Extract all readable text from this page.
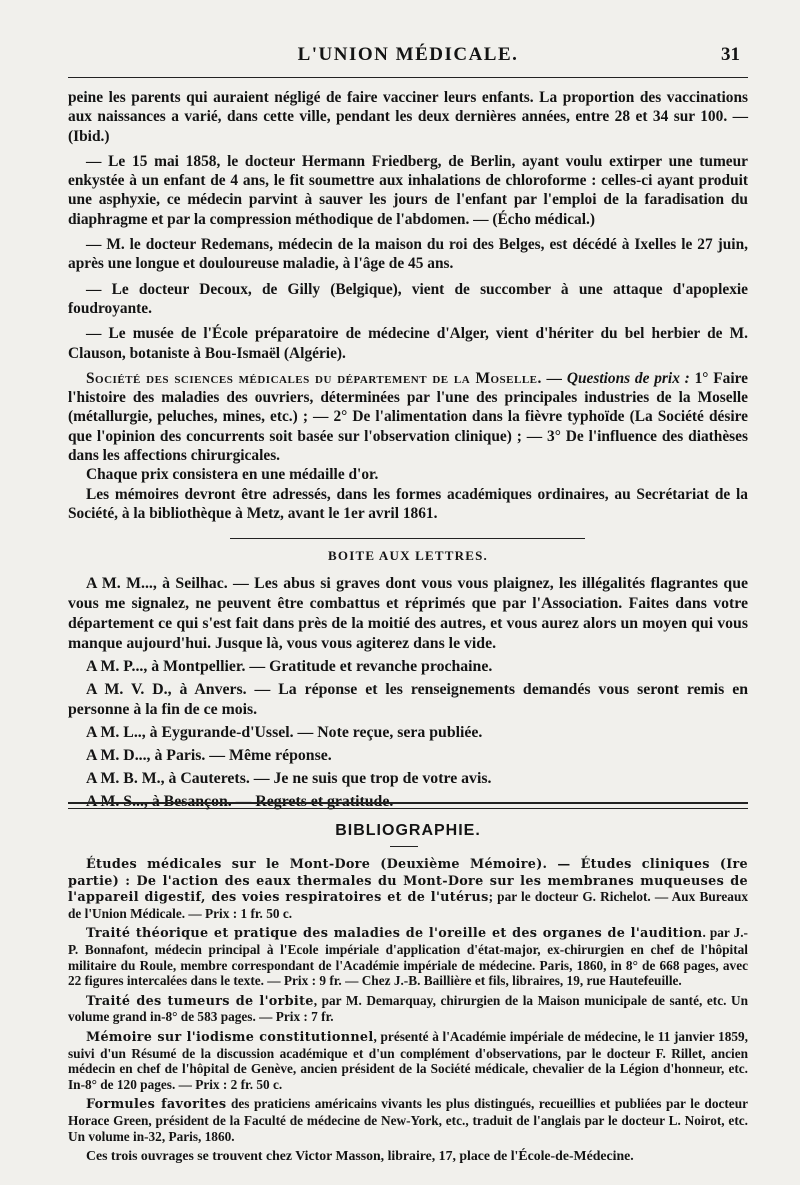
L'UNION MÉDICALE.	31

peine les parents qui auraient négligé de faire vacciner leurs enfants. La proportion des vaccinations aux naissances a varié, dans cette ville, pendant les deux dernières années, entre 28 et 34 sur 100. — (Ibid.)

— Le 15 mai 1858, le docteur Hermann Friedberg, de Berlin, ayant voulu extirper une tumeur enkystée à un enfant de 4 ans, le fit soumettre aux inhalations de chloroforme : celles-ci ayant produit une asphyxie, ce médecin parvint à sauver les jours de l'enfant par l'emploi de la faradisation du diaphragme et par la compression méthodique de l'abdomen. — (Écho médical.)

— M. le docteur Redemans, médecin de la maison du roi des Belges, est décédé à Ixelles le 27 juin, après une longue et douloureuse maladie, à l'âge de 45 ans.

— Le docteur Decoux, de Gilly (Belgique), vient de succomber à une attaque d'apoplexie foudroyante.

— Le musée de l'École préparatoire de médecine d'Alger, vient d'hériter du bel herbier de M. Clauson, botaniste à Bou-Ismaël (Algérie).

Société des sciences médicales du département de la Moselle. — Questions de prix : 1° Faire l'histoire des maladies des ouvriers, déterminées par l'une des principales industries de la Moselle (métallurgie, peluches, mines, etc.) ; — 2° De l'alimentation dans la fièvre typhoïde (La Société désire que l'opinion des concurrents soit basée sur l'observation clinique) ; — 3° De l'influence des diathèses dans les affections chirurgicales.

Chaque prix consistera en une médaille d'or.

Les mémoires devront être adressés, dans les formes académiques ordinaires, au Secrétariat de la Société, à la bibliothèque à Metz, avant le 1er avril 1861.

BOITE AUX LETTRES.

A M. M..., à Seilhac. — Les abus si graves dont vous vous plaignez, les illégalités flagrantes que vous me signalez, ne peuvent être combattus et réprimés que par l'Association. Faites dans votre département ce qui s'est fait dans près de la moitié des autres, et vous aurez alors un moyen qui vous manque aujourd'hui. Jusque là, vous vous agiterez dans le vide.

A M. P..., à Montpellier. — Gratitude et revanche prochaine.

A M. V. D., à Anvers. — La réponse et les renseignements demandés vous seront remis en personne à la fin de ce mois.

A M. L.., à Eygurande-d'Ussel. — Note reçue, sera publiée.

A M. D..., à Paris. — Même réponse.

A M. B. M., à Cauterets. — Je ne suis que trop de votre avis.

A M. S..., à Besançon. — Regrets et gratitude.

BIBLIOGRAPHIE.

Études médicales sur le Mont-Dore (Deuxième Mémoire). — Études cliniques (Ire partie) : De l'action des eaux thermales du Mont-Dore sur les membranes muqueuses de l'appareil digestif, des voies respiratoires et de l'utérus; par le docteur G. Richelot. — Aux Bureaux de l'Union Médicale. — Prix : 1 fr. 50 c.

Traité théorique et pratique des maladies de l'oreille et des organes de l'audition. par J.-P. Bonnafont, médecin principal à l'Ecole impériale d'application d'état-major, ex-chirurgien en chef de l'hôpital militaire du Roule, membre correspondant de l'Académie impériale de médecine. Paris, 1860, in 8° de 668 pages, avec 22 figures intercalées dans le texte. — Prix : 9 fr. — Chez J.-B. Baillière et fils, libraires, 19, rue Hautefeuille.

Traité des tumeurs de l'orbite, par M. Demarquay, chirurgien de la Maison municipale de santé, etc. Un volume grand in-8° de 583 pages. — Prix : 7 fr.

Mémoire sur l'iodisme constitutionnel, présenté à l'Académie impériale de médecine, le 11 janvier 1859, suivi d'un Résumé de la discussion académique et d'un complément d'observations, par le docteur F. Rillet, ancien médecin en chef de l'hôpital de Genève, ancien président de la Société médicale, chevalier de la Légion d'honneur, etc. In-8° de 120 pages. — Prix : 2 fr. 50 c.

Formules favorites des praticiens américains vivants les plus distingués, recueillies et publiées par le docteur Horace Green, président de la Faculté de médecine de New-York, etc., traduit de l'anglais par le docteur L. Noirot, etc. Un volume in-32, Paris, 1860.

Ces trois ouvrages se trouvent chez Victor Masson, libraire, 17, place de l'École-de-Médecine.
